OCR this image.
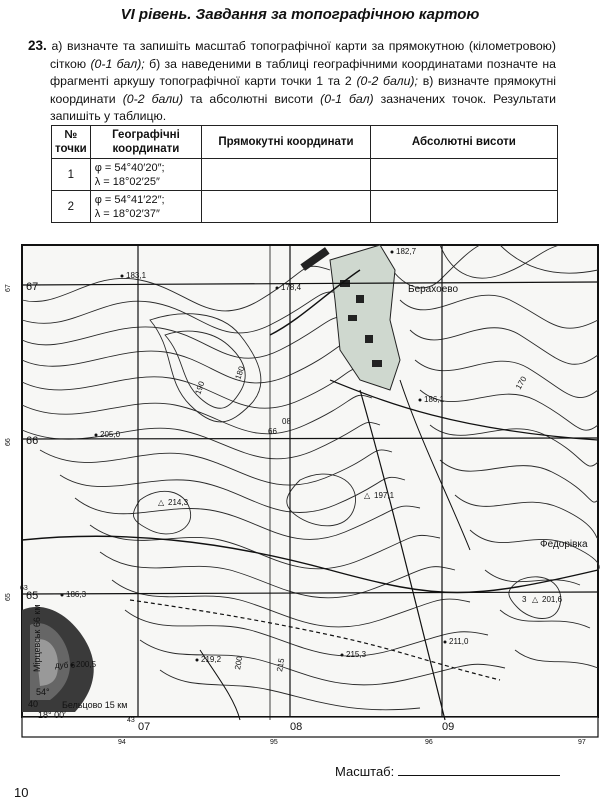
VІ рівень. Завдання за топографічною картою
23. а) визначте та запишіть масштаб топографічної карти за прямокутною (кілометровою) сіткою (0-1 бал); б) за наведеними в таблиці географічними координатами позначте на фрагменті аркушу топографічної карти точки 1 та 2 (0-2 бали); в) визначте прямокутні координати (0-2 бали) та абсолютні висоти (0-1 бал) зазначених точок. Результати запишіть у таблицю.
№ точки	Географічні координати	Прямокутні координати	Абсолютні висоти
1	φ = 54°40′20″;
λ = 18°02′25″		

2	φ = 54°41′22″;
λ = 18°02′37″		

67
66
65
07	08	09
67
66
65
94	95	96	97
63
43
54°
40
18° 00′
Бельцово 15 км
Мірцевськ 66 км
Берахоево
Федорівка
183,1
178,4
182,7
205,0
△ 214,3
△ 197,1
186,1
△ 201,6
219,2
215,3
211,0
186,3
200,5
180
190
200	215
170
66
08
3
дуб 6
Масштаб:
10
